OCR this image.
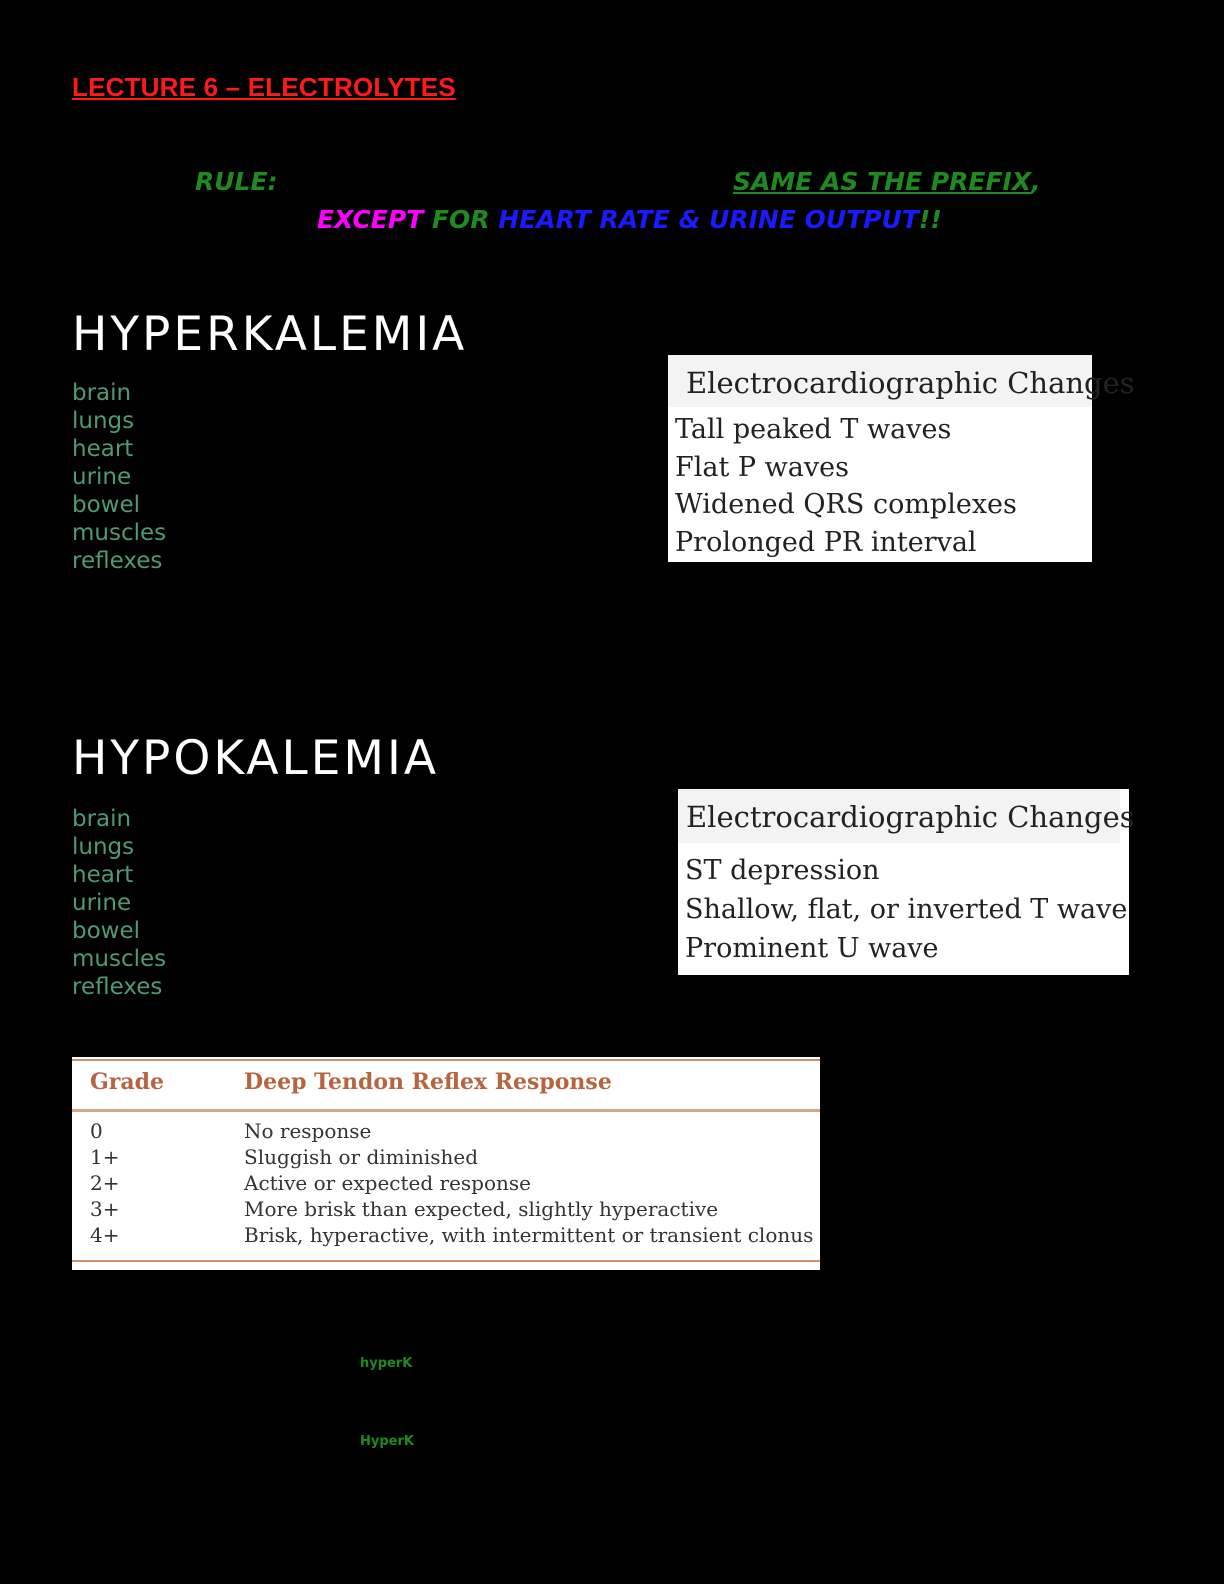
LECTURE 6 – ELECTROLYTES
RULE:	SAME AS THE PREFIX,
EXCEPT FOR HEART RATE & URINE OUTPUT!!
HYPERKALEMIA
brain
lungs
heart
urine
bowel
muscles
reflexes
Electrocardiographic Changes
Tall peaked T waves
Flat P waves
Widened QRS complexes
Prolonged PR interval
HYPOKALEMIA
brain
lungs
heart
urine
bowel
muscles
reflexes
Electrocardiographic Changes
ST depression
Shallow, flat, or inverted T wave
Prominent U wave
Grade	Deep Tendon Reflex Response
0	No response
1+	Sluggish or diminished
2+	Active or expected response
3+	More brisk than expected, slightly hyperactive
4+	Brisk, hyperactive, with intermittent or transient clonus
hyperK
HyperK
